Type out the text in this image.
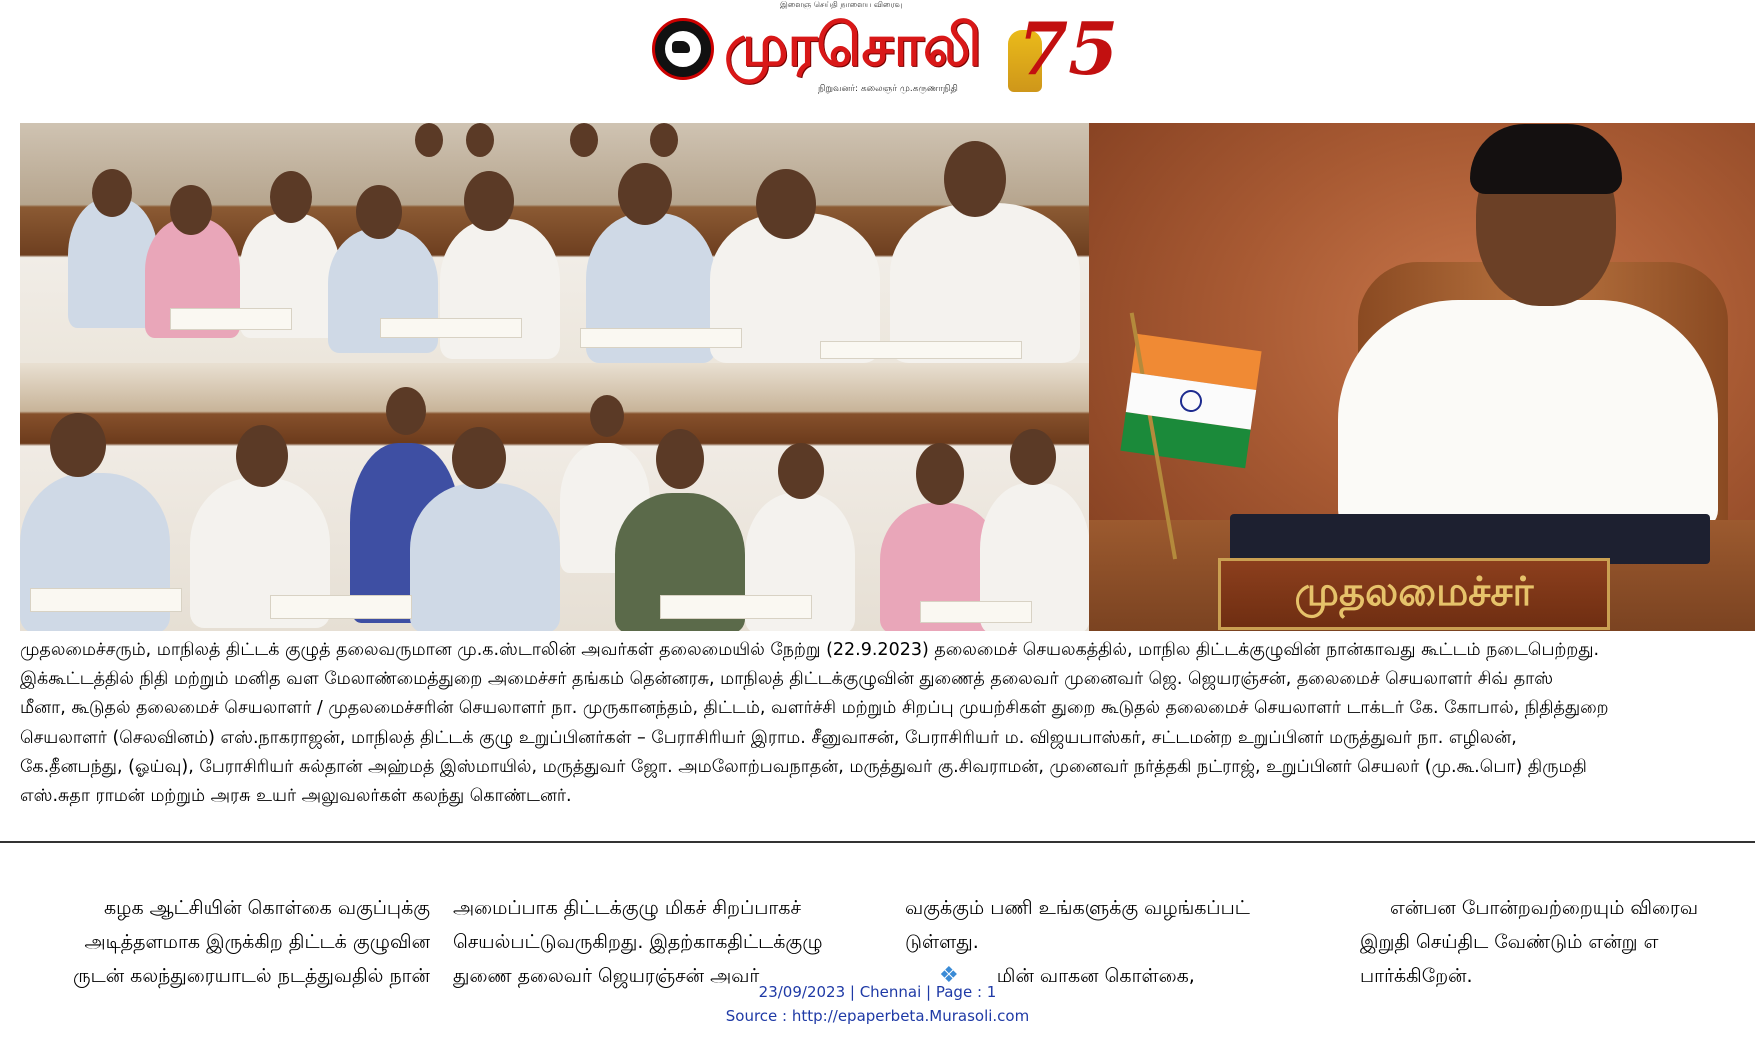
இளைஞ செய்தி நாளைய விரைவு
முரசொலி
நிறுவனர்: கலைஞர் மு.கருணாநிதி 75
முதலமைச்சர்
முதலமைச்சரும், மாநிலத் திட்டக் குழுத் தலைவருமான மு.க.ஸ்டாலின் அவர்கள் தலைமையில் நேற்று (22.9.2023) தலைமைச் செயலகத்தில், மாநில திட்டக்குழுவின் நான்காவது கூட்டம் நடைபெற்றது.
இக்கூட்டத்தில் நிதி மற்றும் மனித வள மேலாண்மைத்துறை அமைச்சர் தங்கம் தென்னரசு, மாநிலத் திட்டக்குழுவின் துணைத் தலைவர் முனைவர் ஜெ. ஜெயரஞ்சன், தலைமைச் செயலாளர் சிவ் தாஸ்
மீனா, கூடுதல் தலைமைச் செயலாளர் / முதலமைச்சரின் செயலாளர் நா. முருகானந்தம், திட்டம், வளர்ச்சி மற்றும் சிறப்பு முயற்சிகள் துறை கூடுதல் தலைமைச் செயலாளர் டாக்டர் கே. கோபால், நிதித்துறை
செயலாளர் (செலவினம்) எஸ்.நாகராஜன், மாநிலத் திட்டக் குழு உறுப்பினர்கள் – பேராசிரியர் இராம. சீனுவாசன், பேராசிரியர் ம. விஜயபாஸ்கர், சட்டமன்ற உறுப்பினர் மருத்துவர் நா. எழிலன்,
கே.தீனபந்து, (ஓய்வு), பேராசிரியர் சுல்தான் அஹ்மத் இஸ்மாயில், மருத்துவர் ஜோ. அமலோற்பவநாதன், மருத்துவர் கு.சிவராமன், முனைவர் நர்த்தகி நட்ராஜ், உறுப்பினர் செயலர் (மு.கூ.பொ) திருமதி
எஸ்.சுதா ராமன் மற்றும் அரசு உயர் அலுவலர்கள் கலந்து கொண்டனர்.
கழக ஆட்சியின் கொள்கை வகுப்புக்கு
அடித்தளமாக இருக்கிற திட்டக் குழுவின
ருடன் கலந்துரையாடல் நடத்துவதில் நான்
அமைப்பாக திட்டக்குழு மிகச் சிறப்பாகச்
செயல்பட்டுவருகிறது. இதற்காகதிட்டக்குழு
துணை தலைவர் ஜெயரஞ்சன் அவர்
வகுக்கும் பணி உங்களுக்கு வழங்கப்பட்
டுள்ளது.
❖ மின் வாகன கொள்கை,
என்பன போன்றவற்றையும் விரைவ
இறுதி செய்திட வேண்டும் என்று எ
பார்க்கிறேன்.
23/09/2023 | Chennai | Page : 1
Source : http://epaperbeta.Murasoli.com
